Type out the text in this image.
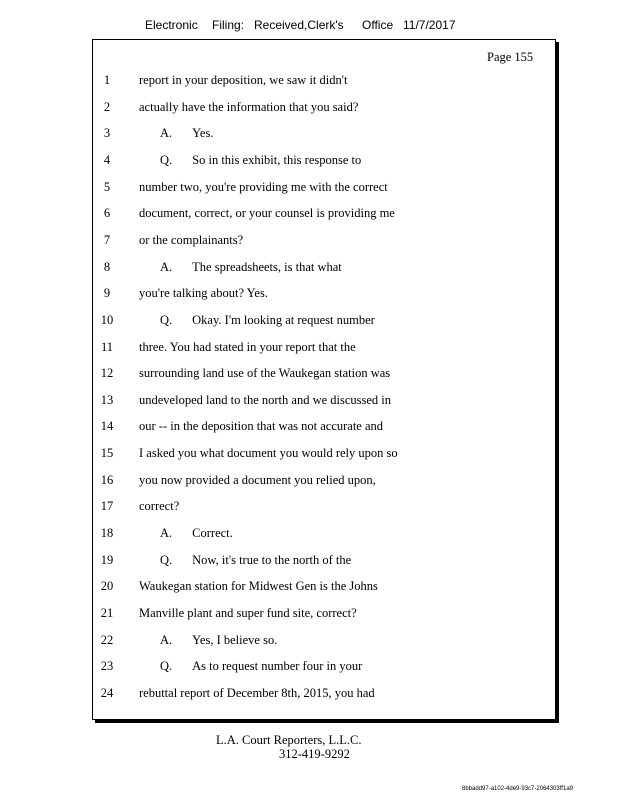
Electronic Filing: Received,Clerk's Office 11/7/2017
Page 155
1	report in your deposition, we saw it didn't
2	actually have the information that you said?
3	A. Yes.
4	Q. So in this exhibit, this response to
5	number two, you're providing me with the correct
6	document, correct, or your counsel is providing me
7	or the complainants?
8	A. The spreadsheets, is that what
9	you're talking about? Yes.
10	Q. Okay. I'm looking at request number
11	three. You had stated in your report that the
12	surrounding land use of the Waukegan station was
13	undeveloped land to the north and we discussed in
14	our -- in the deposition that was not accurate and
15	I asked you what document you would rely upon so
16	you now provided a document you relied upon,
17	correct?
18	A. Correct.
19	Q. Now, it's true to the north of the
20	Waukegan station for Midwest Gen is the Johns
21	Manville plant and super fund site, correct?
22	A. Yes, I believe so.
23	Q. As to request number four in your
24	rebuttal report of December 8th, 2015, you had
L.A. Court Reporters, L.L.C.
312-419-9292
8bbadd97-a102-4de9-93c7-2064303ff1a9
